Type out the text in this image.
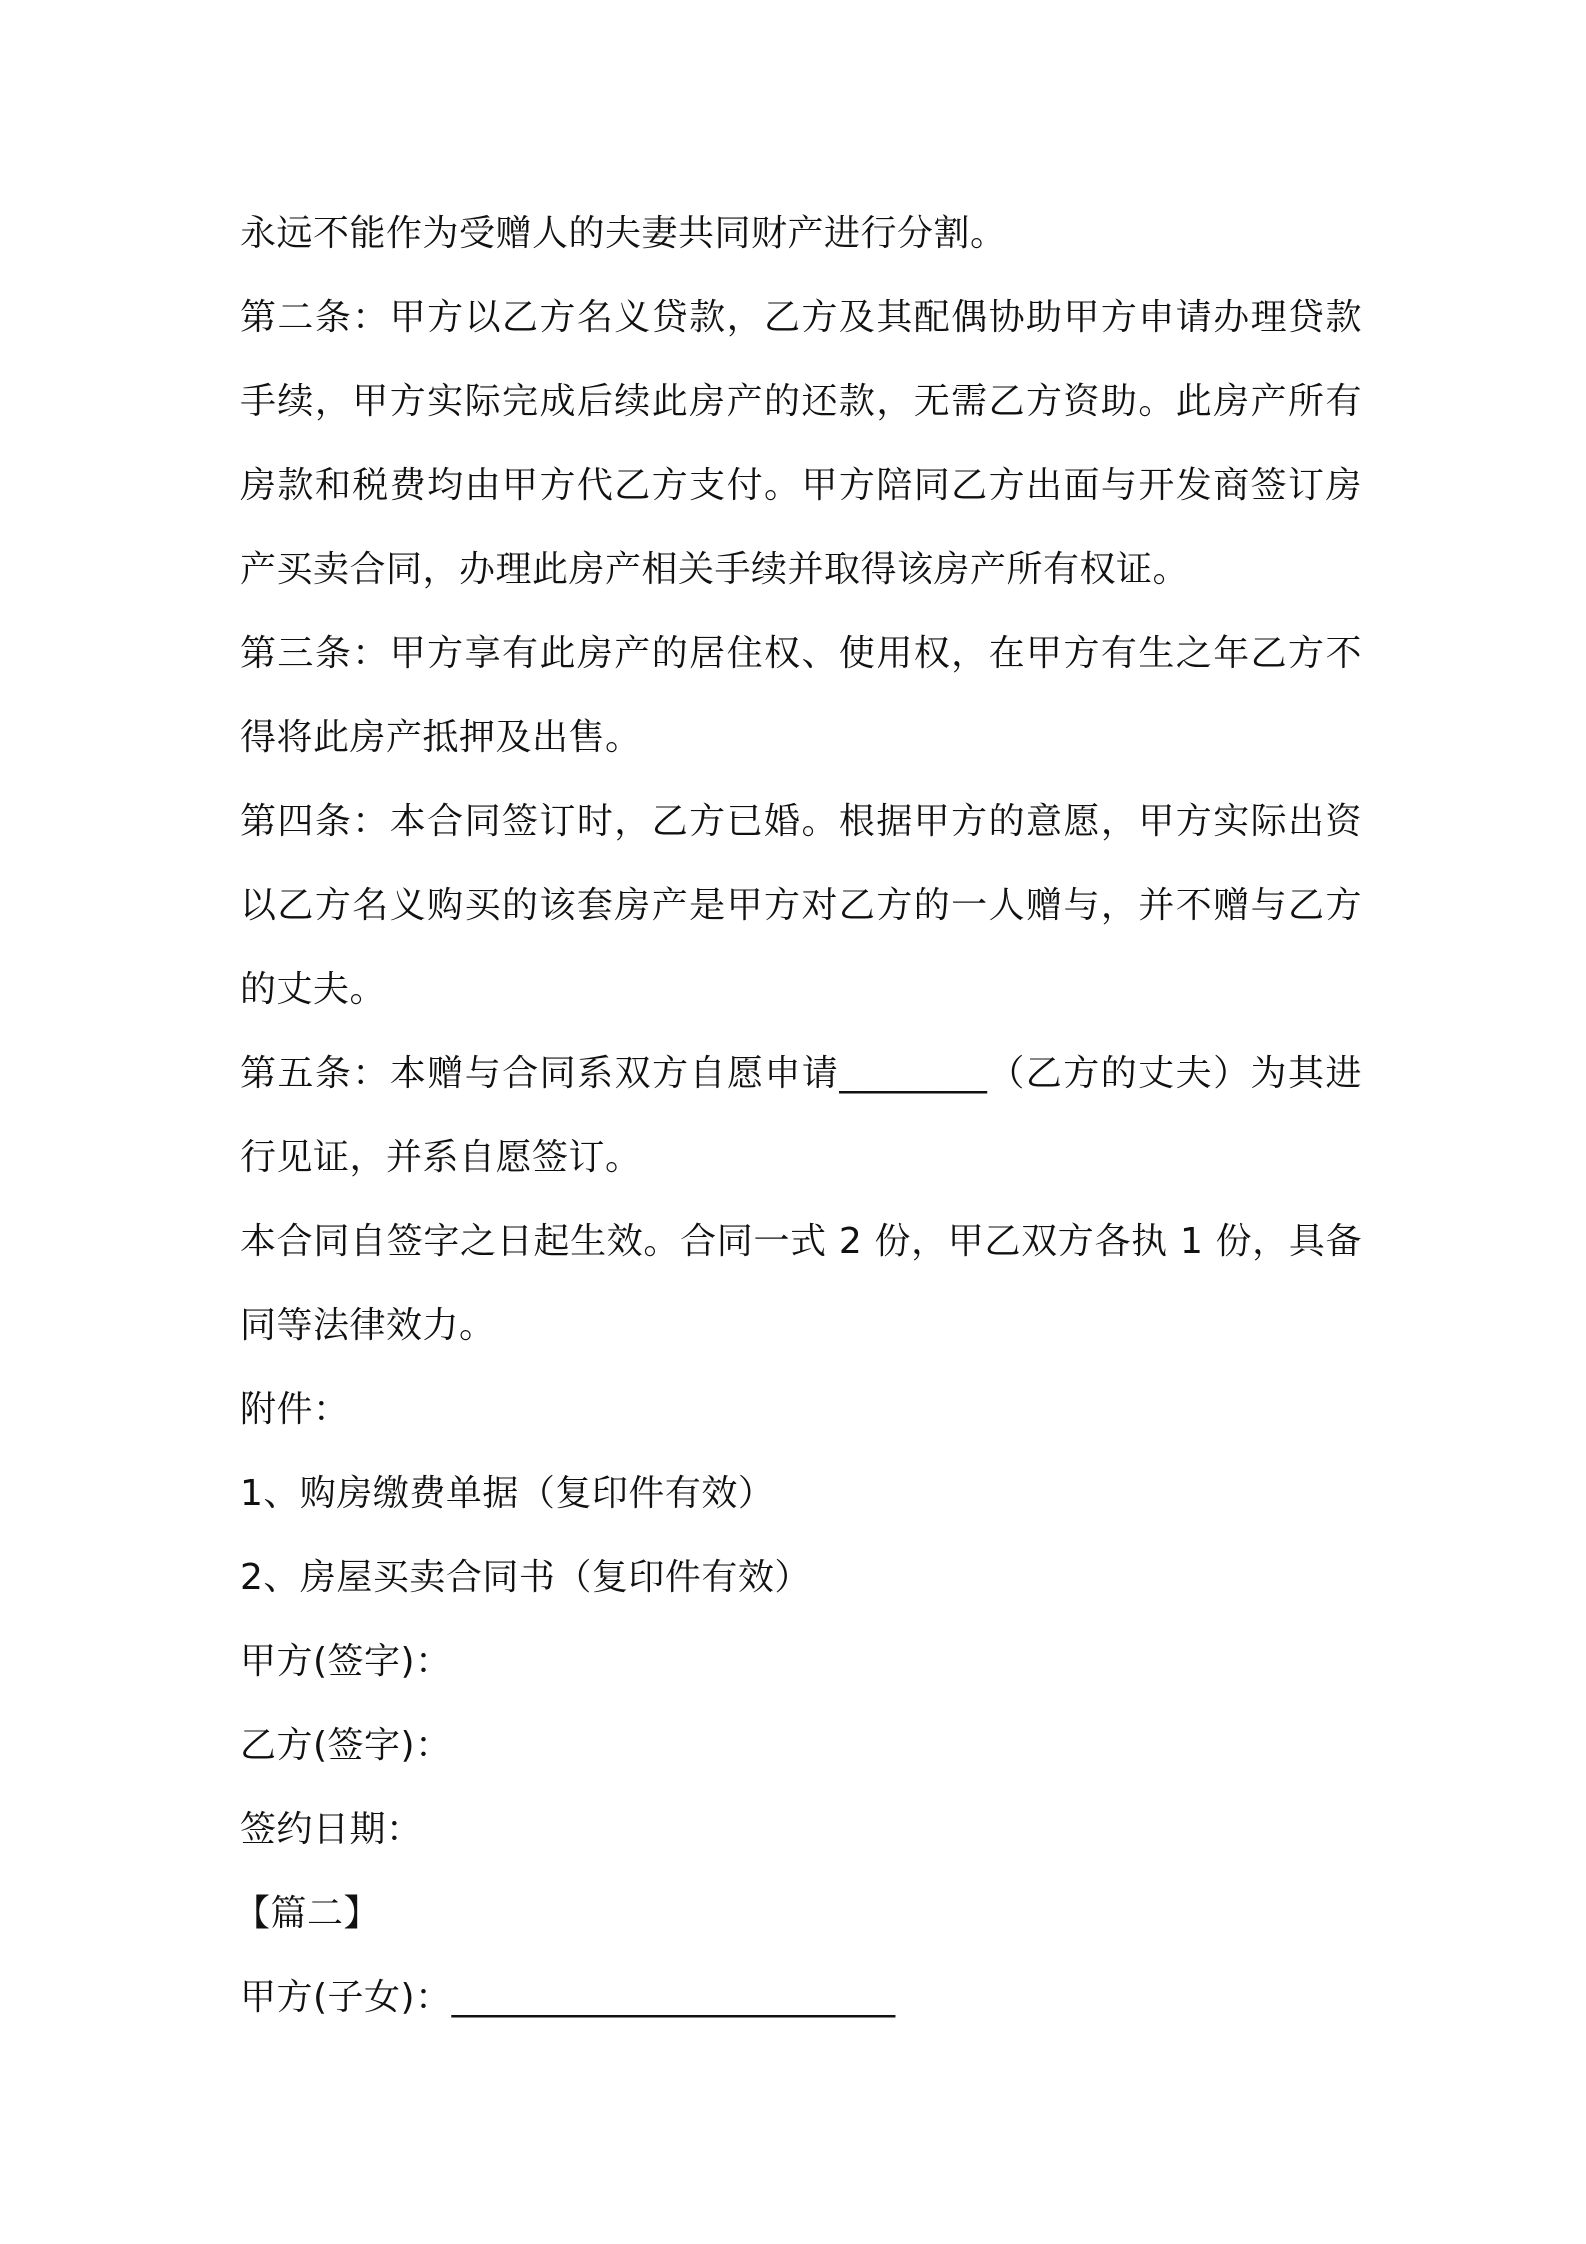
永远不能作为受赠人的夫妻共同财产进行分割。

第二条：甲方以乙方名义贷款，乙方及其配偶协助甲方申请办理贷款手续，甲方实际完成后续此房产的还款，无需乙方资助。此房产所有房款和税费均由甲方代乙方支付。甲方陪同乙方出面与开发商签订房产买卖合同，办理此房产相关手续并取得该房产所有权证。

第三条：甲方享有此房产的居住权、使用权，在甲方有生之年乙方不得将此房产抵押及出售。

第四条：本合同签订时，乙方已婚。根据甲方的意愿，甲方实际出资以乙方名义购买的该套房产是甲方对乙方的一人赠与，并不赠与乙方的丈夫。

第五条：本赠与合同系双方自愿申请________（乙方的丈夫）为其进行见证，并系自愿签订。

本合同自签字之日起生效。合同一式 2 份，甲乙双方各执 1 份，具备同等法律效力。

附件：

1、购房缴费单据（复印件有效）

2、房屋买卖合同书（复印件有效）

甲方(签字)：

乙方(签字)：

签约日期：

【篇二】

甲方(子女)：________________________
